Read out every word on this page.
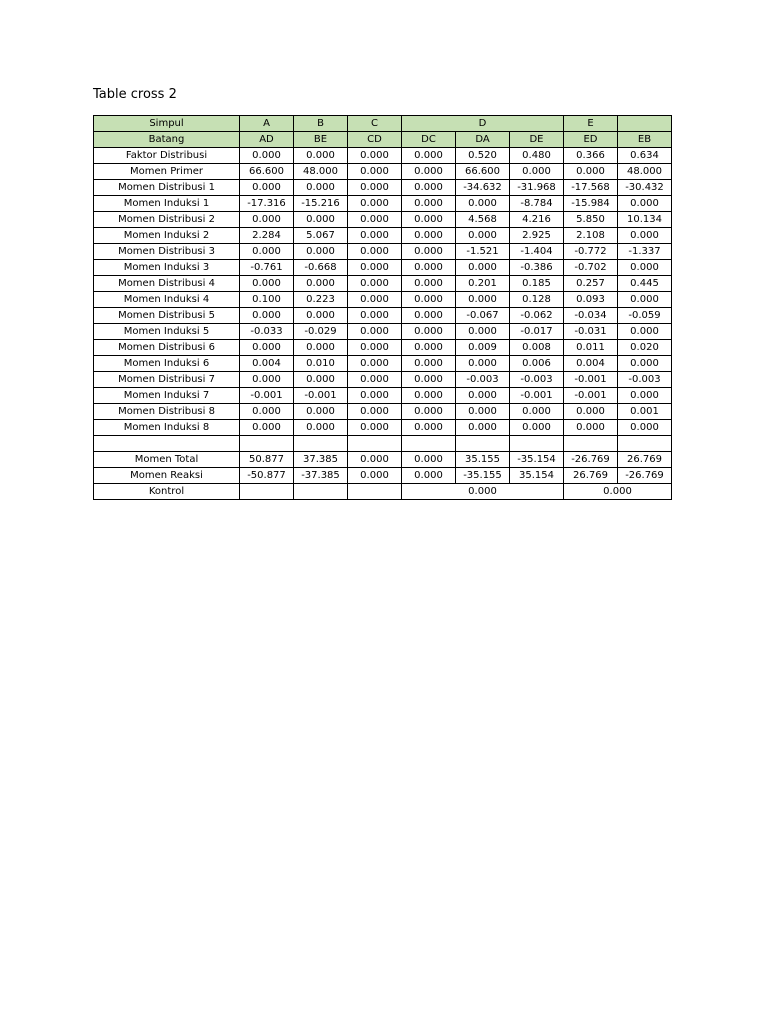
Table cross 2
Simpul	A	B	C	D			E	
Batang	AD	BE	CD	DC	DA	DE	ED	EB
Faktor Distribusi	0.000	0.000	0.000	0.000	0.520	0.480	0.366	0.634
Momen Primer	66.600	48.000	0.000	0.000	66.600	0.000	0.000	48.000
Momen Distribusi 1	0.000	0.000	0.000	0.000	-34.632	-31.968	-17.568	-30.432
Momen Induksi 1	-17.316	-15.216	0.000	0.000	0.000	-8.784	-15.984	0.000
Momen Distribusi 2	0.000	0.000	0.000	0.000	4.568	4.216	5.850	10.134
Momen Induksi 2	2.284	5.067	0.000	0.000	0.000	2.925	2.108	0.000
Momen Distribusi 3	0.000	0.000	0.000	0.000	-1.521	-1.404	-0.772	-1.337
Momen Induksi 3	-0.761	-0.668	0.000	0.000	0.000	-0.386	-0.702	0.000
Momen Distribusi 4	0.000	0.000	0.000	0.000	0.201	0.185	0.257	0.445
Momen Induksi 4	0.100	0.223	0.000	0.000	0.000	0.128	0.093	0.000
Momen Distribusi 5	0.000	0.000	0.000	0.000	-0.067	-0.062	-0.034	-0.059
Momen Induksi 5	-0.033	-0.029	0.000	0.000	0.000	-0.017	-0.031	0.000
Momen Distribusi 6	0.000	0.000	0.000	0.000	0.009	0.008	0.011	0.020
Momen Induksi 6	0.004	0.010	0.000	0.000	0.000	0.006	0.004	0.000
Momen Distribusi 7	0.000	0.000	0.000	0.000	-0.003	-0.003	-0.001	-0.003
Momen Induksi 7	-0.001	-0.001	0.000	0.000	0.000	-0.001	-0.001	0.000
Momen Distribusi 8	0.000	0.000	0.000	0.000	0.000	0.000	0.000	0.001
Momen Induksi 8	0.000	0.000	0.000	0.000	0.000	0.000	0.000	0.000

Momen Total	50.877	37.385	0.000	0.000	35.155	-35.154	-26.769	26.769
Momen Reaksi	-50.877	-37.385	0.000	0.000	-35.155	35.154	26.769	-26.769
Kontrol				0.000			0.000	
